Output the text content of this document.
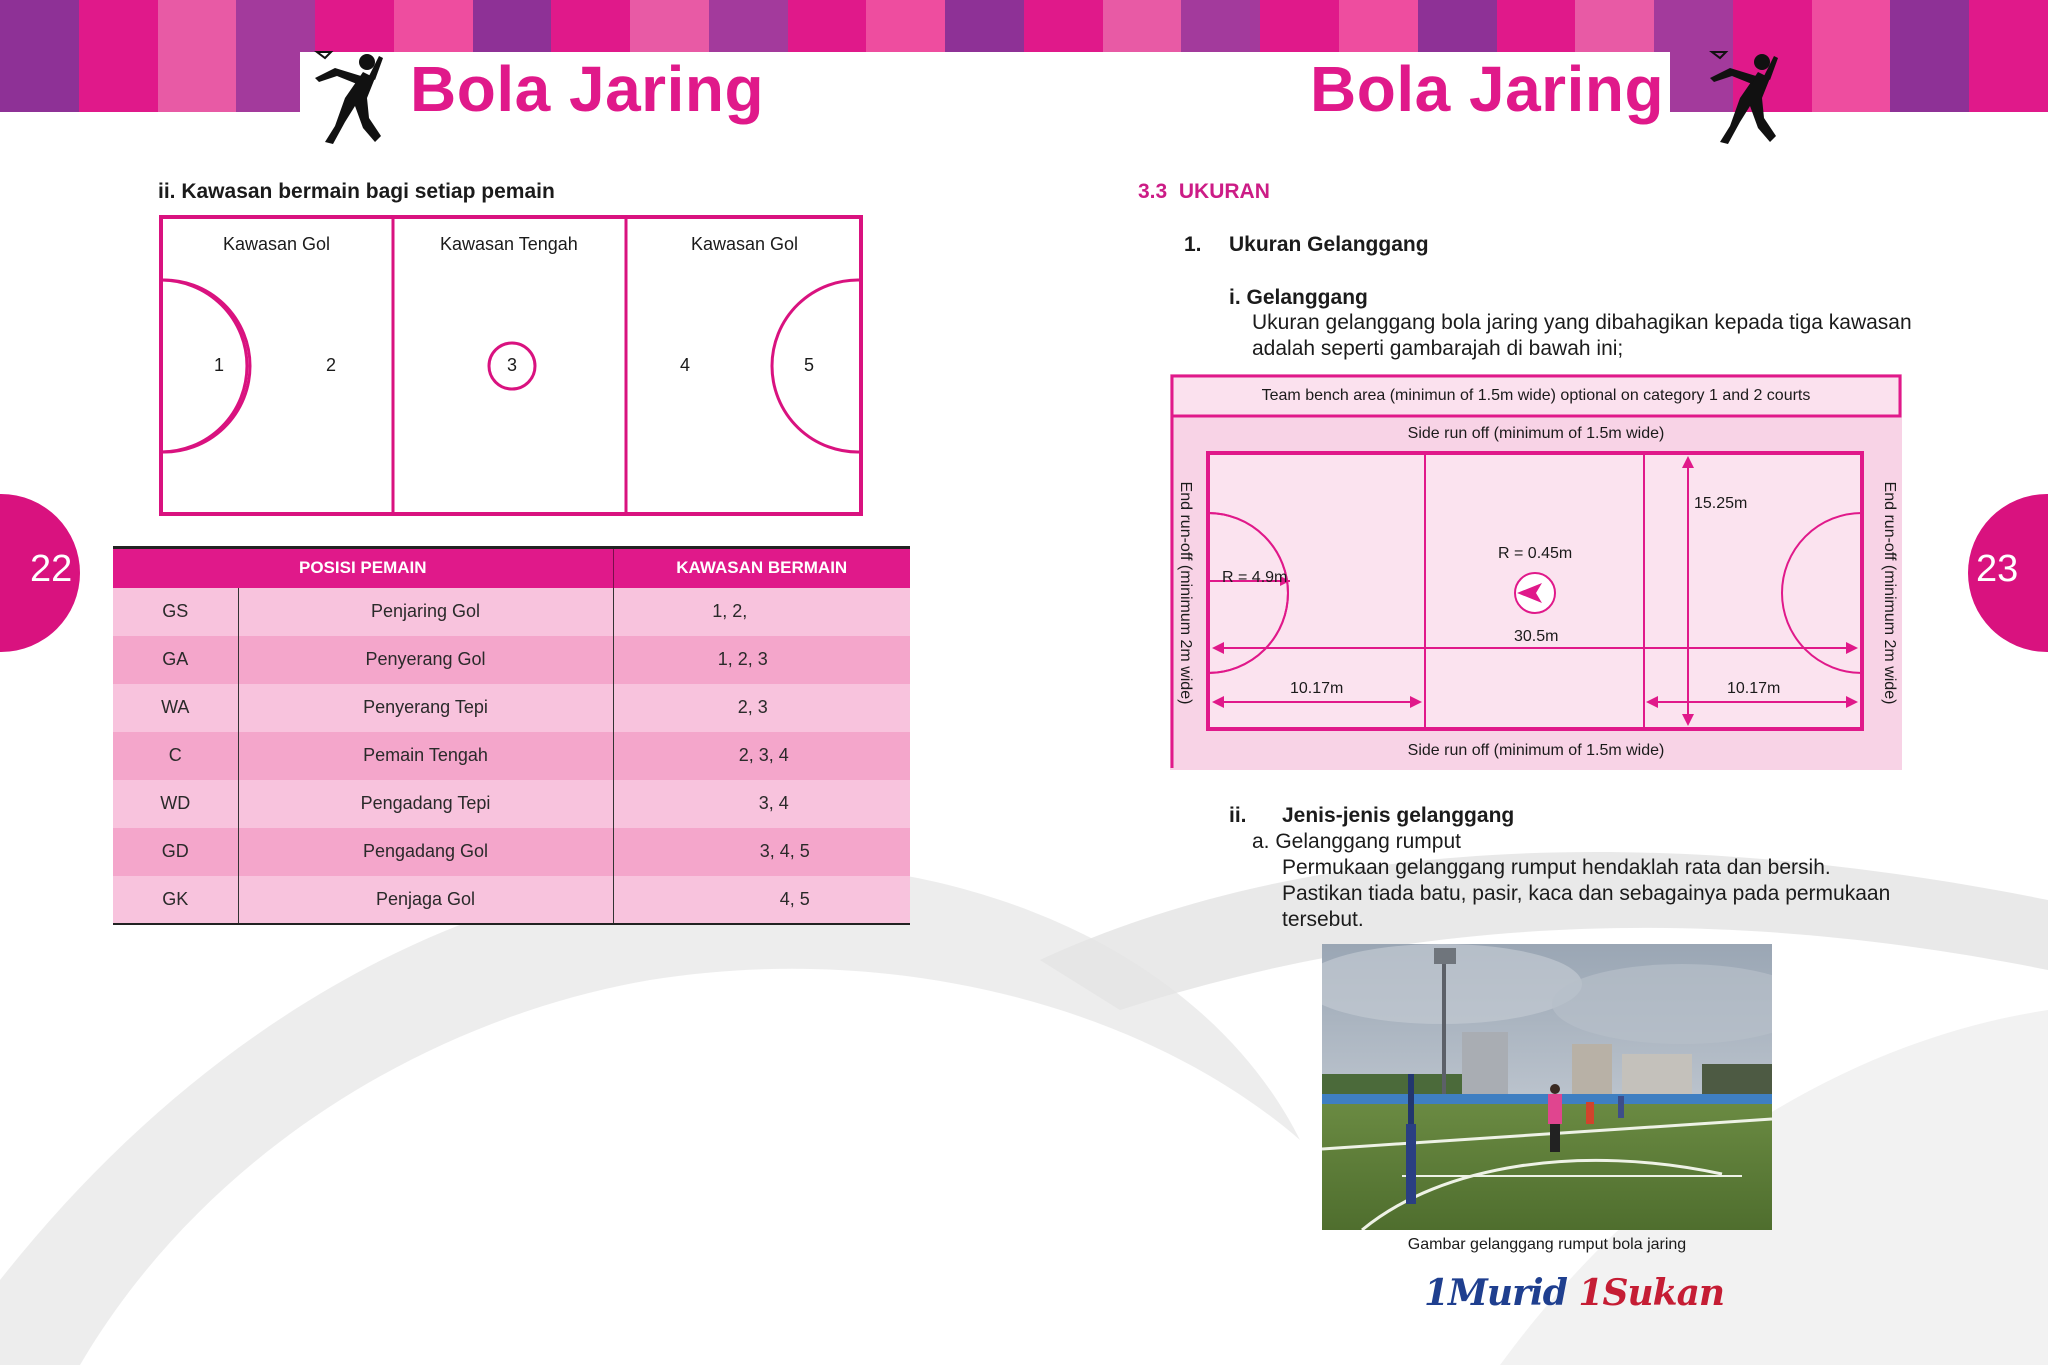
Bola Jaring	Bola Jaring
22	23
ii. Kawasan bermain bagi setiap pemain
Kawasan Gol	Kawasan Tengah	Kawasan Gol
1	2	3	4	5
POSISI PEMAIN		KAWASAN BERMAIN
GS	Penjaring Gol	1, 2,
GA	Penyerang Gol	1, 2, 3
WA	Penyerang Tepi	2, 3
C	Pemain Tengah	2, 3, 4
WD	Pengadang Tepi	3, 4
GD	Pengadang Gol	3, 4, 5
GK	Penjaga Gol	4, 5
3.3 UKURAN
1. Ukuran Gelanggang
i. Gelanggang
Ukuran gelanggang bola jaring yang dibahagikan kepada tiga kawasan
adalah seperti gambarajah di bawah ini;
Team bench area (minimun of 1.5m wide) optional on category 1 and 2 courts
Side run off (minimum of 1.5m wide)
Side run off (minimum of 1.5m wide)
End run-off (minimum 2m wide)	End run-off (minimum 2m wide)
15.25m
R = 4.9m
R = 0.45m
30.5m
10.17m	10.17m
ii. Jenis-jenis gelanggang
a. Gelanggang rumput
Permukaan gelanggang rumput hendaklah rata dan bersih.
Pastikan tiada batu, pasir, kaca dan sebagainya pada permukaan
tersebut.
Gambar gelanggang rumput bola jaring
1Murid 1Sukan
